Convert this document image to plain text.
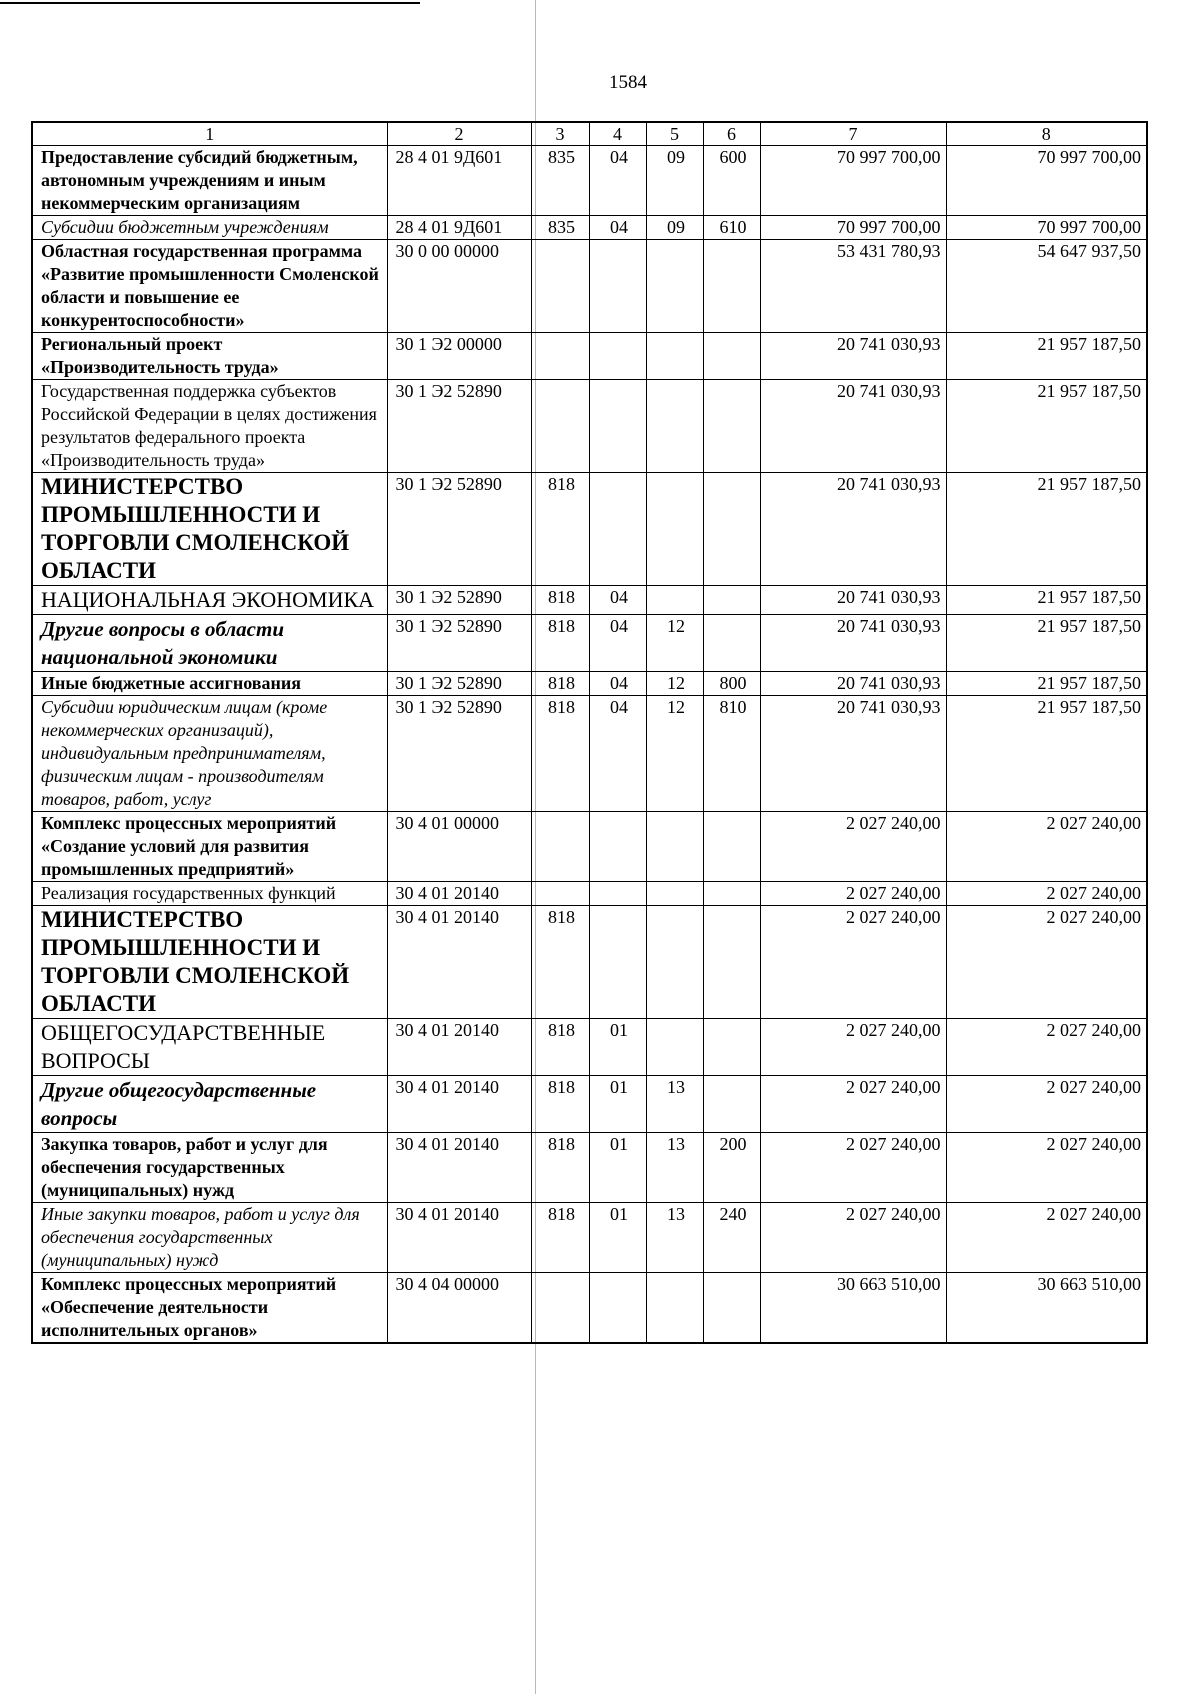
1584
1	2	3	4	5	6	7	8
Предоставление субсидий бюджетным, автономным учреждениям и иным некоммерческим организациям	28 4 01 9Д601	835	04	09	600	70 997 700,00	70 997 700,00
Субсидии бюджетным учреждениям	28 4 01 9Д601	835	04	09	610	70 997 700,00	70 997 700,00
Областная государственная программа «Развитие промышленности Смоленской области и повышение ее конкурентоспособности»	30 0 00 00000					53 431 780,93	54 647 937,50
Региональный проект «Производительность труда»	30 1 Э2 00000					20 741 030,93	21 957 187,50
Государственная поддержка субъектов Российской Федерации в целях достижения результатов федерального проекта «Производительность труда»	30 1 Э2 52890					20 741 030,93	21 957 187,50
МИНИСТЕРСТВО ПРОМЫШЛЕННОСТИ И ТОРГОВЛИ СМОЛЕНСКОЙ ОБЛАСТИ	30 1 Э2 52890	818				20 741 030,93	21 957 187,50
НАЦИОНАЛЬНАЯ ЭКОНОМИКА	30 1 Э2 52890	818	04			20 741 030,93	21 957 187,50
Другие вопросы в области национальной экономики	30 1 Э2 52890	818	04	12		20 741 030,93	21 957 187,50
Иные бюджетные ассигнования	30 1 Э2 52890	818	04	12	800	20 741 030,93	21 957 187,50
Субсидии юридическим лицам (кроме некоммерческих организаций), индивидуальным предпринимателям, физическим лицам - производителям товаров, работ, услуг	30 1 Э2 52890	818	04	12	810	20 741 030,93	21 957 187,50
Комплекс процессных мероприятий «Создание условий для развития промышленных предприятий»	30 4 01 00000					2 027 240,00	2 027 240,00
Реализация государственных функций	30 4 01 20140					2 027 240,00	2 027 240,00
МИНИСТЕРСТВО ПРОМЫШЛЕННОСТИ И ТОРГОВЛИ СМОЛЕНСКОЙ ОБЛАСТИ	30 4 01 20140	818				2 027 240,00	2 027 240,00
ОБЩЕГОСУДАРСТВЕННЫЕ ВОПРОСЫ	30 4 01 20140	818	01			2 027 240,00	2 027 240,00
Другие общегосударственные вопросы	30 4 01 20140	818	01	13		2 027 240,00	2 027 240,00
Закупка товаров, работ и услуг для обеспечения государственных (муниципальных) нужд	30 4 01 20140	818	01	13	200	2 027 240,00	2 027 240,00
Иные закупки товаров, работ и услуг для обеспечения государственных (муниципальных) нужд	30 4 01 20140	818	01	13	240	2 027 240,00	2 027 240,00
Комплекс процессных мероприятий «Обеспечение деятельности исполнительных органов»	30 4 04 00000					30 663 510,00	30 663 510,00
